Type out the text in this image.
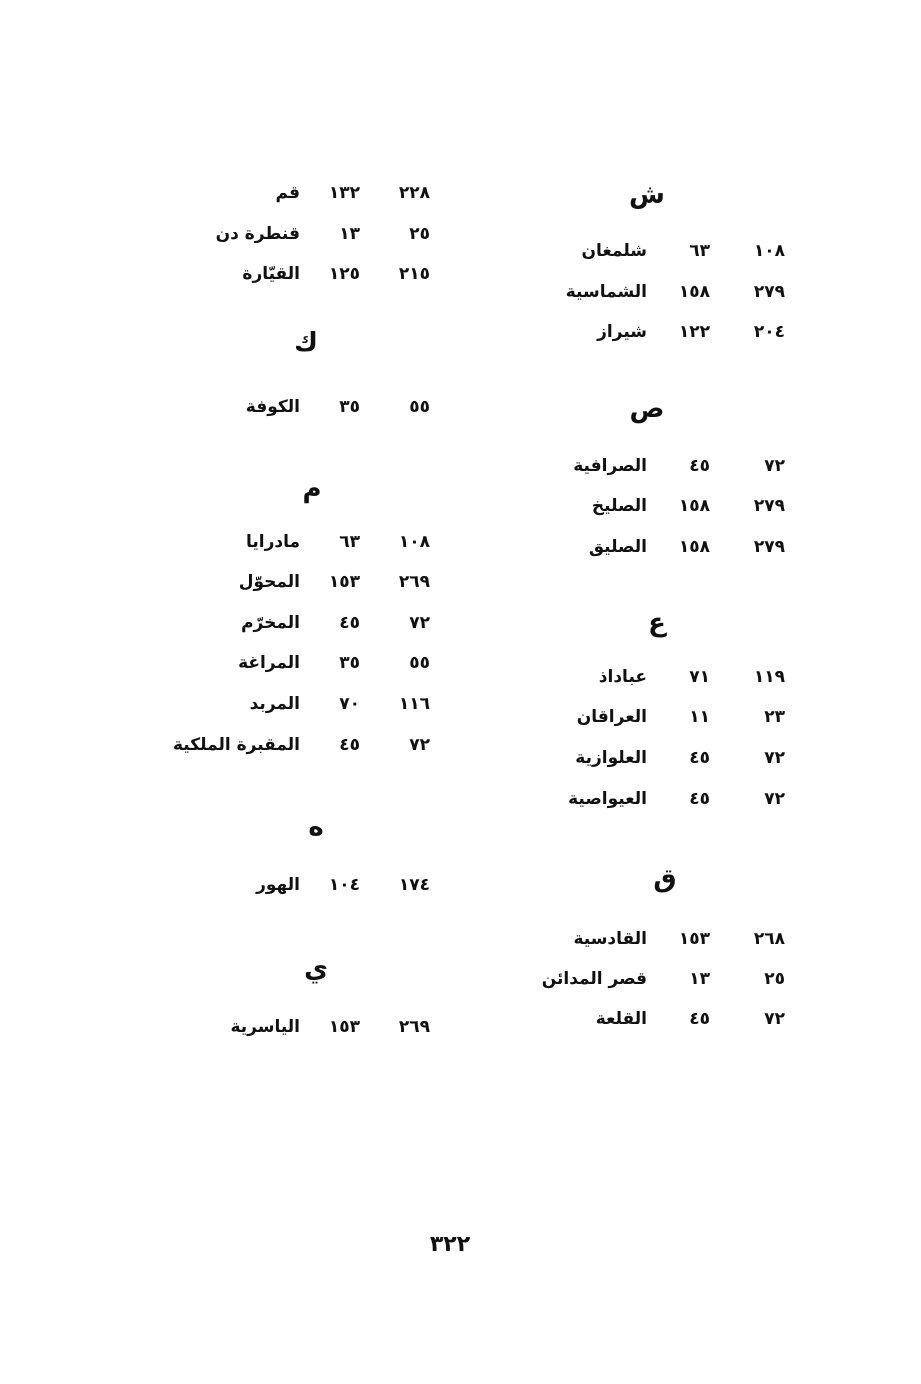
ش
١٠٨
٦٣
شلمغان
٢٧٩
١٥٨
الشماسية
٢٠٤
١٢٢
شيراز
ص
٧٢
٤٥
الصرافية
٢٧٩
١٥٨
الصليخ
٢٧٩
١٥٨
الصليق
ع
١١٩
٧١
عباداذ
٢٣
١١
العراقان
٧٢
٤٥
العلوازية
٧٢
٤٥
العيواصية
ق
٢٦٨
١٥٣
القادسية
٢٥
١٣
قصر المدائن
٧٢
٤٥
القلعة
٢٢٨
١٣٢
قم
٢٥
١٣
قنطرة دن
٢١٥
١٢٥
القيّارة
ك
٥٥
٣٥
الكوفة
م
١٠٨
٦٣
مادرايا
٢٦٩
١٥٣
المحوّل
٧٢
٤٥
المخرّم
٥٥
٣٥
المراغة
١١٦
٧٠
المربد
٧٢
٤٥
المقبرة الملكية
ه
١٧٤
١٠٤
الهور
ي
٢٦٩
١٥٣
الياسرية
٣٢٢
